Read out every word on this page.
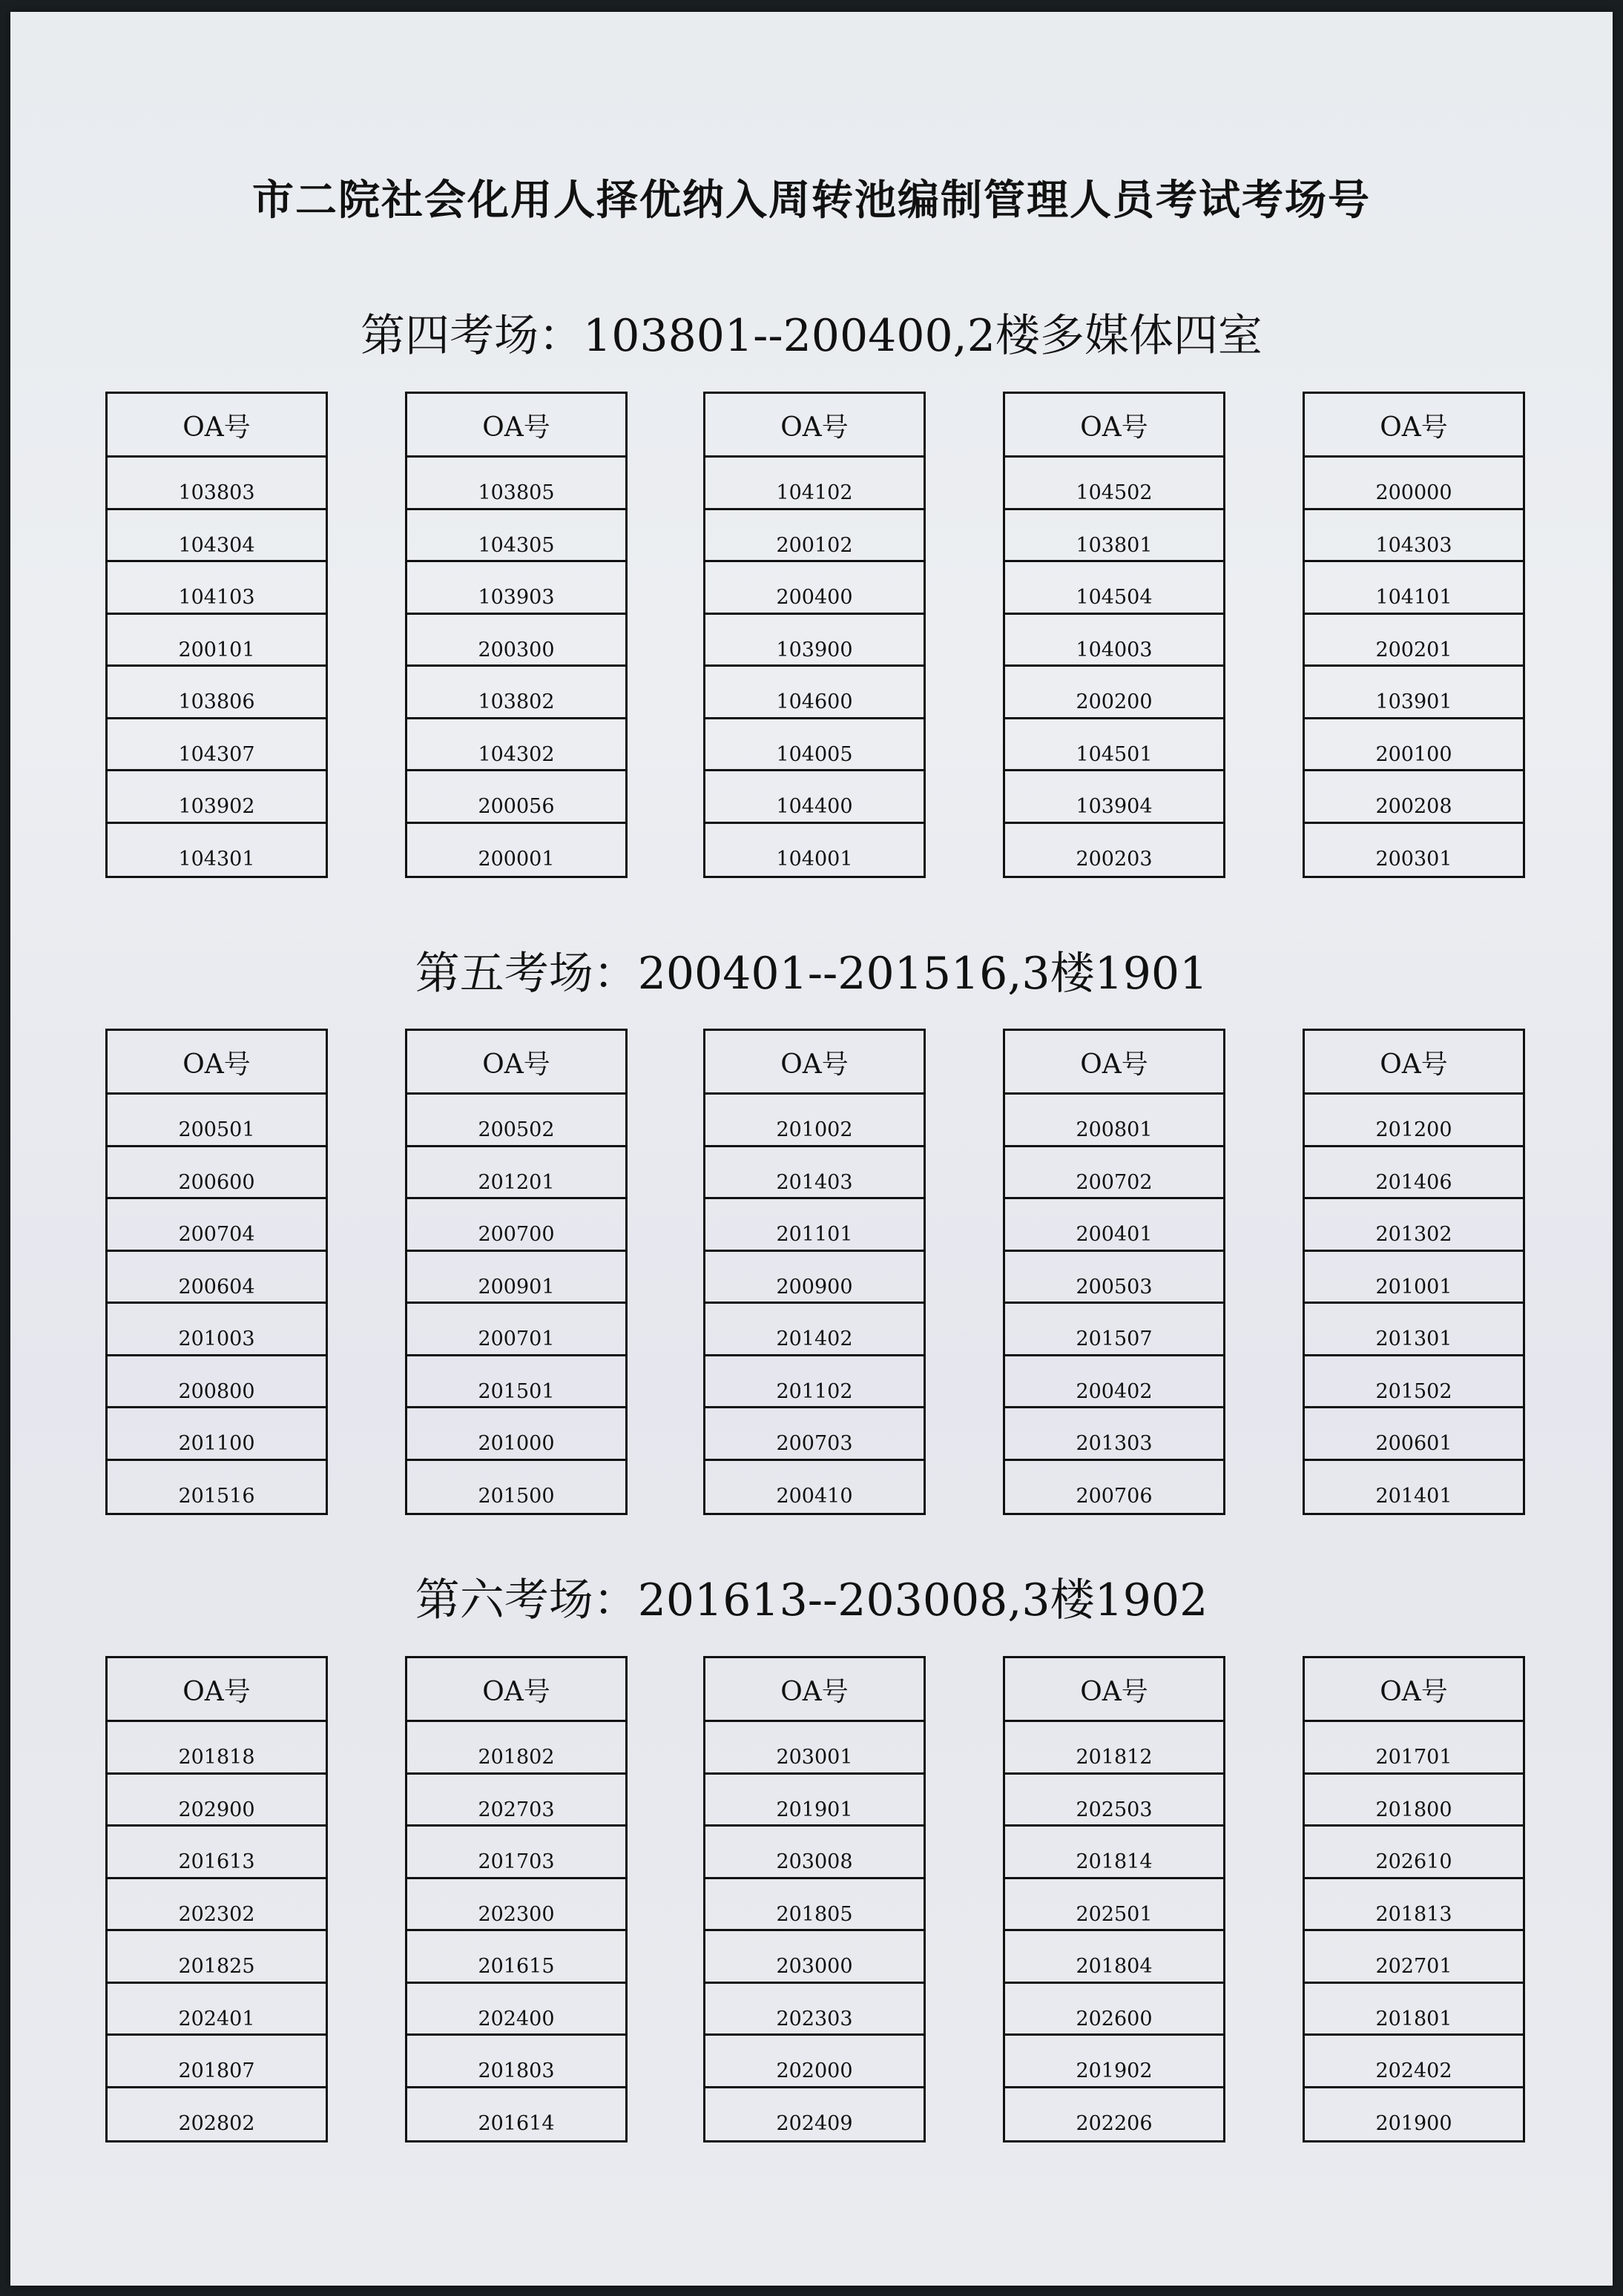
市二院社会化用人择优纳入周转池编制管理人员考试考场号
第四考场：103801--200400,2楼多媒体四室
OA号
103803
104304
104103
200101
103806
104307
103902
104301
OA号
103805
104305
103903
200300
103802
104302
200056
200001
OA号
104102
200102
200400
103900
104600
104005
104400
104001
OA号
104502
103801
104504
104003
200200
104501
103904
200203
OA号
200000
104303
104101
200201
103901
200100
200208
200301
第五考场：200401--201516,3楼1901
OA号
200501
200600
200704
200604
201003
200800
201100
201516
OA号
200502
201201
200700
200901
200701
201501
201000
201500
OA号
201002
201403
201101
200900
201402
201102
200703
200410
OA号
200801
200702
200401
200503
201507
200402
201303
200706
OA号
201200
201406
201302
201001
201301
201502
200601
201401
第六考场：201613--203008,3楼1902
OA号
201818
202900
201613
202302
201825
202401
201807
202802
OA号
201802
202703
201703
202300
201615
202400
201803
201614
OA号
203001
201901
203008
201805
203000
202303
202000
202409
OA号
201812
202503
201814
202501
201804
202600
201902
202206
OA号
201701
201800
202610
201813
202701
201801
202402
201900
